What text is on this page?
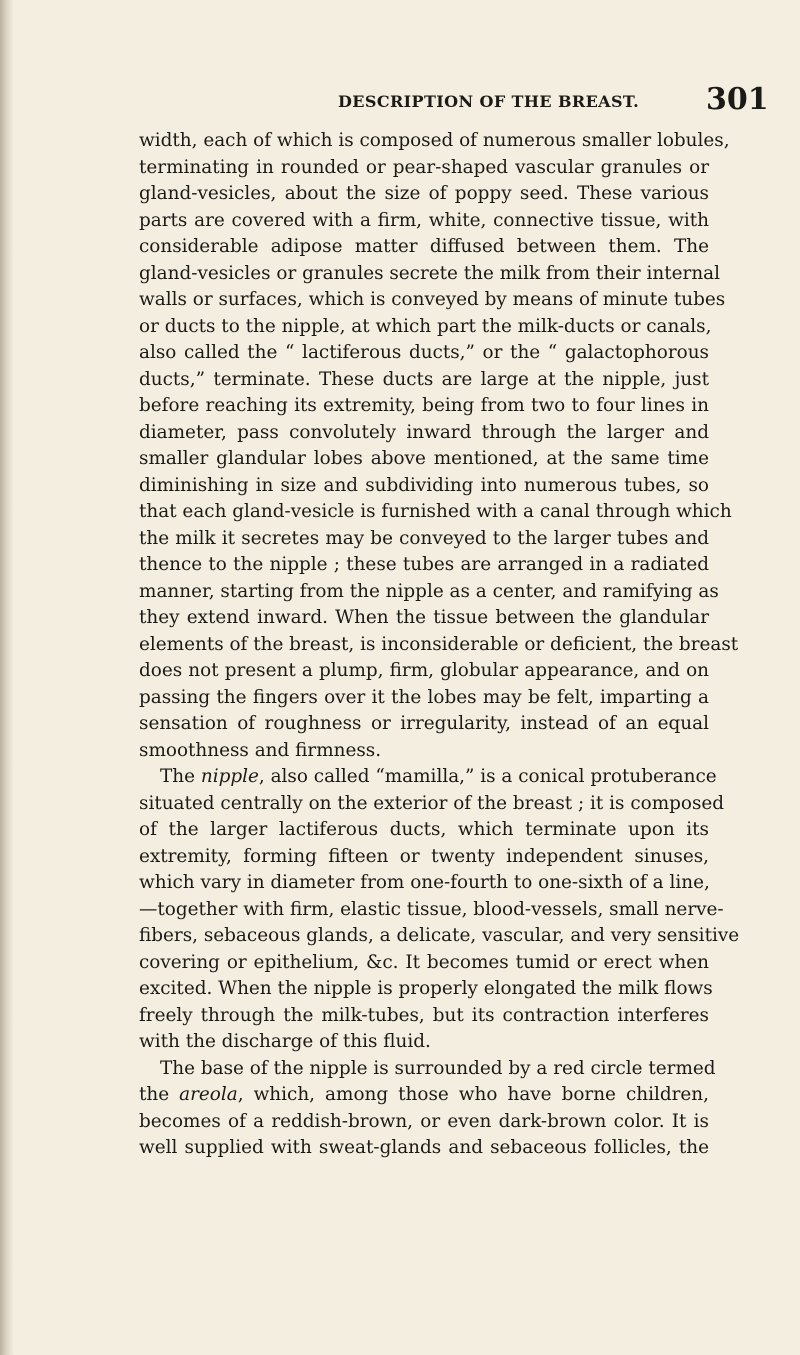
DESCRIPTION OF THE BREAST. 301
width, each of which is composed of numerous smaller lobules,
terminating in rounded or pear-shaped vascular granules or
gland-vesicles, about the size of poppy seed. These various
parts are covered with a firm, white, connective tissue, with
considerable adipose matter diffused between them. The
gland-vesicles or granules secrete the milk from their internal
walls or surfaces, which is conveyed by means of minute tubes
or ducts to the nipple, at which part the milk-ducts or canals,
also called the “ lactiferous ducts,” or the “ galactophorous
ducts,” terminate. These ducts are large at the nipple, just
before reaching its extremity, being from two to four lines in
diameter, pass convolutely inward through the larger and
smaller glandular lobes above mentioned, at the same time
diminishing in size and subdividing into numerous tubes, so
that each gland-vesicle is furnished with a canal through which
the milk it secretes may be conveyed to the larger tubes and
thence to the nipple ; these tubes are arranged in a radiated
manner, starting from the nipple as a center, and ramifying as
they extend inward. When the tissue between the glandular
elements of the breast, is inconsiderable or deficient, the breast
does not present a plump, firm, globular appearance, and on
passing the fingers over it the lobes may be felt, imparting a
sensation of roughness or irregularity, instead of an equal
smoothness and firmness.
The nipple, also called “mamilla,” is a conical protuberance
situated centrally on the exterior of the breast ; it is composed
of the larger lactiferous ducts, which terminate upon its
extremity, forming fifteen or twenty independent sinuses,
which vary in diameter from one-fourth to one-sixth of a line,
—together with firm, elastic tissue, blood-vessels, small nerve-
fibers, sebaceous glands, a delicate, vascular, and very sensitive
covering or epithelium, &c. It becomes tumid or erect when
excited. When the nipple is properly elongated the milk flows
freely through the milk-tubes, but its contraction interferes
with the discharge of this fluid.
The base of the nipple is surrounded by a red circle termed
the areola, which, among those who have borne children,
becomes of a reddish-brown, or even dark-brown color. It is
well supplied with sweat-glands and sebaceous follicles, the
